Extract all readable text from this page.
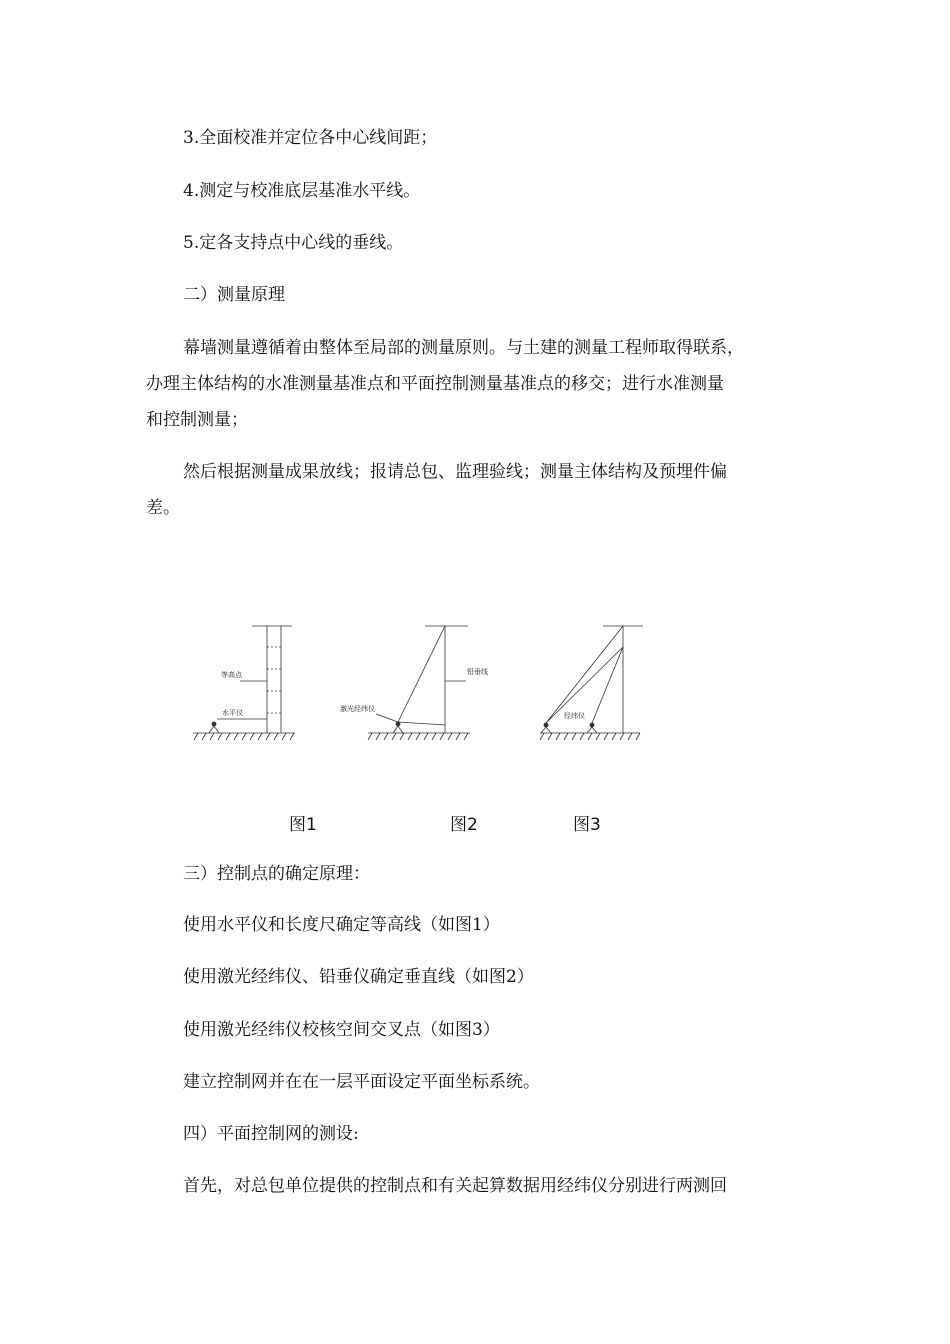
3.全面校准并定位各中心线间距；
4.测定与校准底层基准水平线。
5.定各支持点中心线的垂线。
二）测量原理
幕墙测量遵循着由整体至局部的测量原则。与土建的测量工程师取得联系，
办理主体结构的水准测量基准点和平面控制测量基准点的移交；进行水准测量
和控制测量；
然后根据测量成果放线；报请总包、监理验线；测量主体结构及预埋件偏
差。
等高点
水平仪
铅垂线
激光经纬仪
经纬仪
图1	图2	图3
三）控制点的确定原理：
使用水平仪和长度尺确定等高线（如图1）
使用激光经纬仪、铅垂仪确定垂直线（如图2）
使用激光经纬仪校核空间交叉点（如图3）
建立控制网并在在一层平面设定平面坐标系统。
四）平面控制网的测设:
首先，对总包单位提供的控制点和有关起算数据用经纬仪分别进行两测回
